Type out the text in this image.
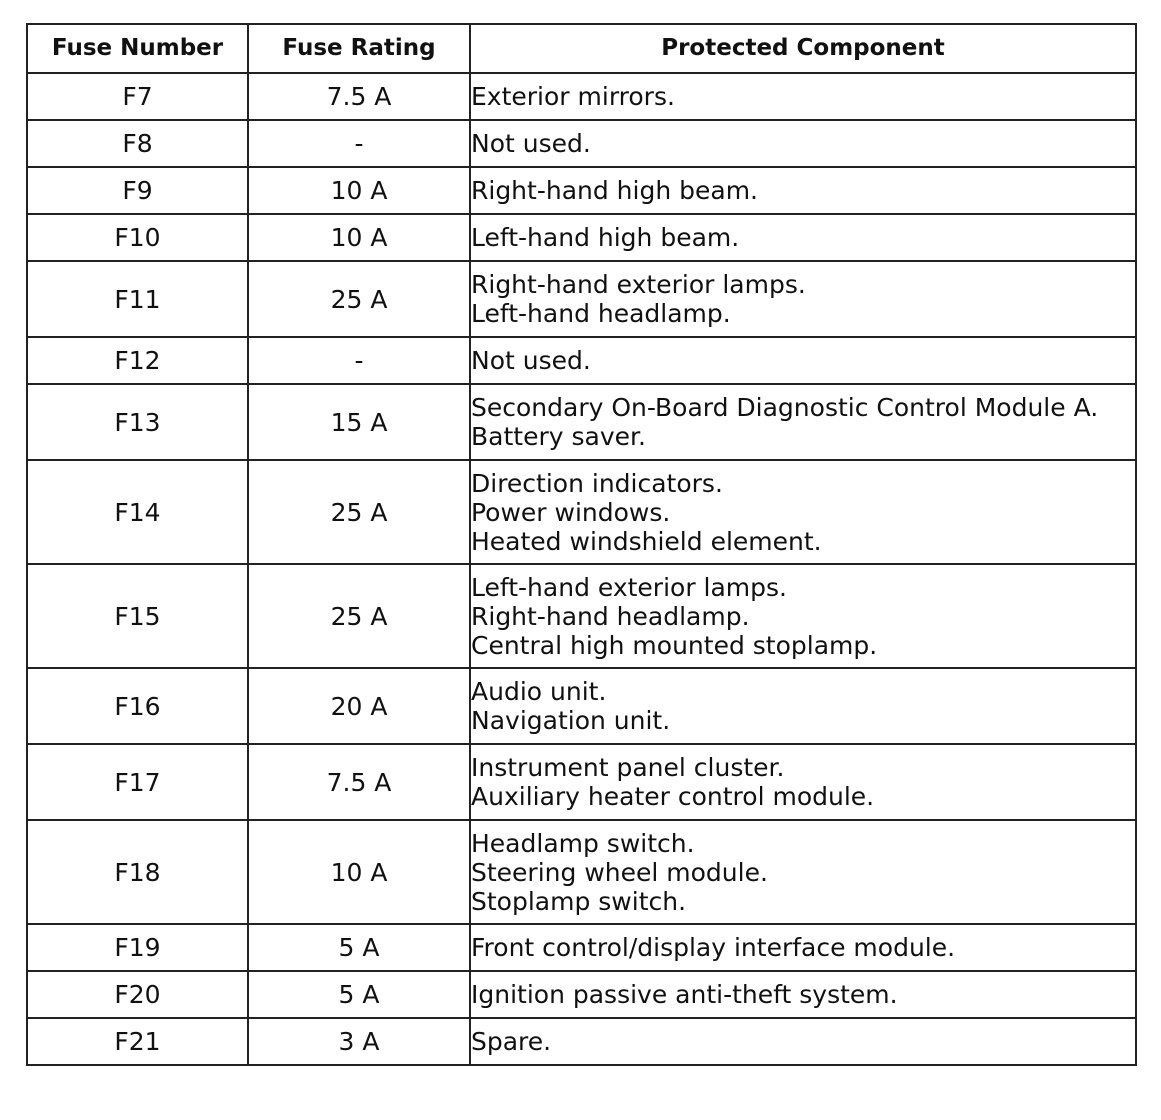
Fuse Number	Fuse Rating	Protected Component
F7	7.5 A	Exterior mirrors.

F8	-	Not used.

F9	10 A	Right-hand high beam.

F10	10 A	Left-hand high beam.

F11	25 A	Right-hand exterior lamps.
Left-hand headlamp.

F12	-	Not used.

F13	15 A	Secondary On-Board Diagnostic Control Module A.
Battery saver.

F14	25 A	Direction indicators.
Power windows.
Heated windshield element.

F15	25 A	Left-hand exterior lamps.
Right-hand headlamp.
Central high mounted stoplamp.

F16	20 A	Audio unit.
Navigation unit.

F17	7.5 A	Instrument panel cluster.
Auxiliary heater control module.

F18	10 A	Headlamp switch.
Steering wheel module.
Stoplamp switch.

F19	5 A	Front control/display interface module.

F20	5 A	Ignition passive anti-theft system.

F21	3 A	Spare.
